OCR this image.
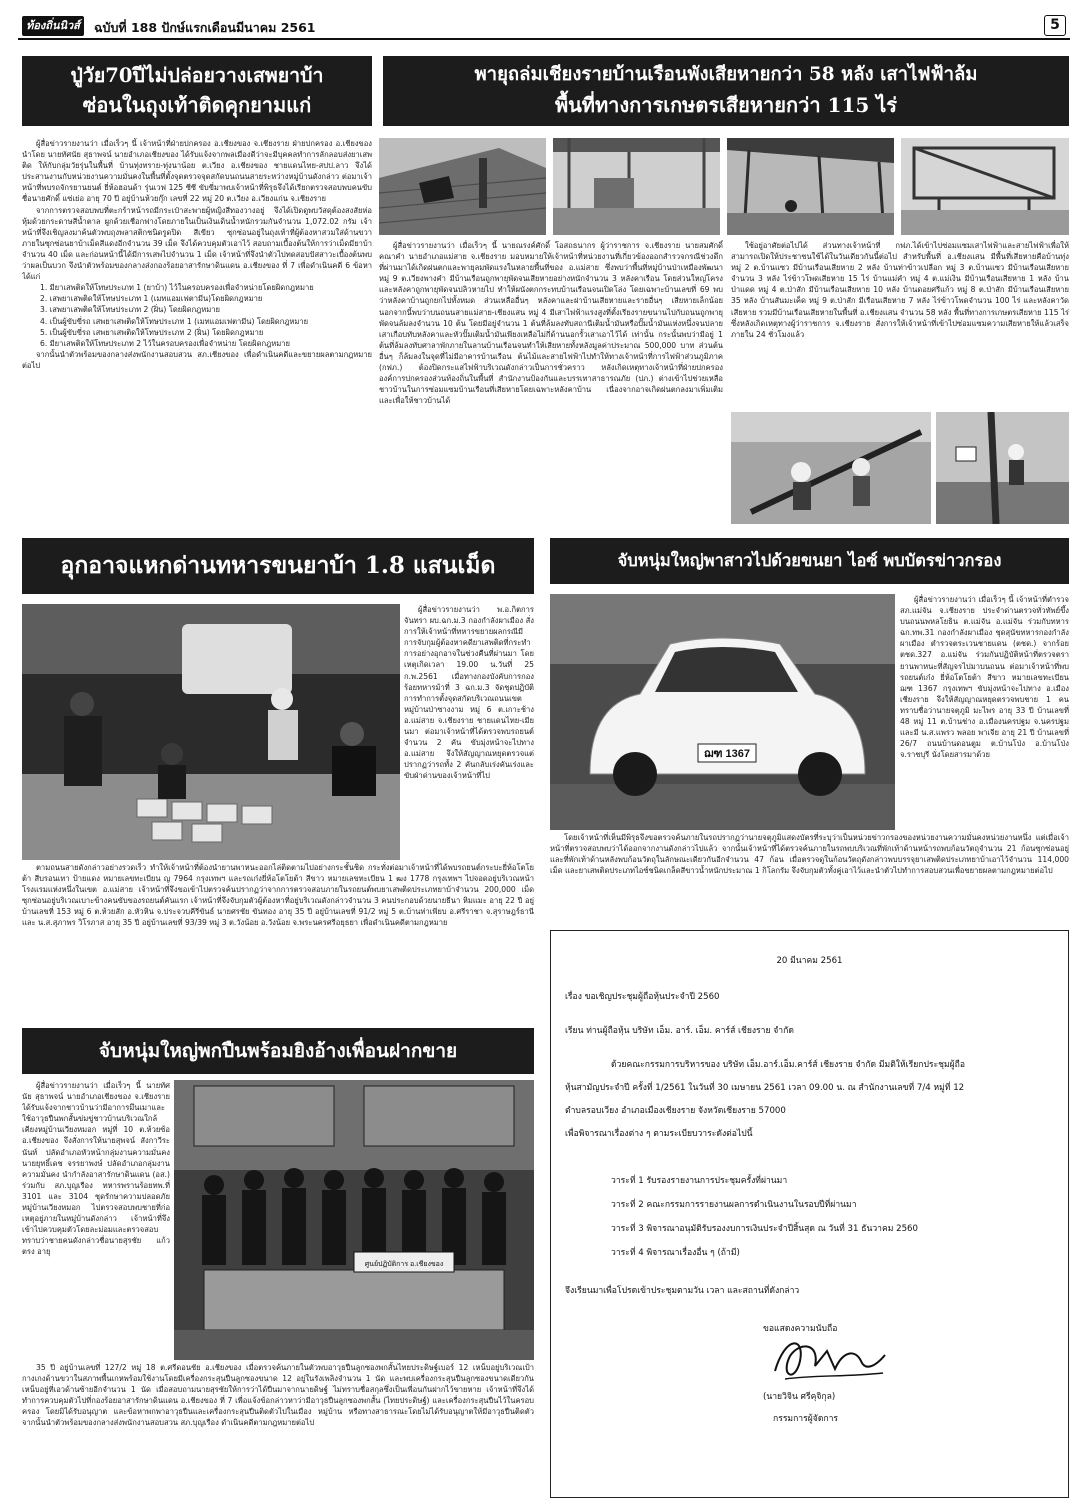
ท้องถิ่นนิวส์	ฉบับที่ 188 ปักษ์แรกเดือนมีนาคม 2561	5
ปู่วัย70ปีไม่ปล่อยวางเสพยาบ้า
ซ่อนในถุงเท้าติดคุกยามแก่

ผู้สื่อข่าวรายงานว่า เมื่อเร็วๆ นี้ เจ้าหน้าที่ฝ่ายปกครอง อ.เชียงของ จ.เชียงราย ฝ่ายปกครอง อ.เชียงของ นำโดย นายทัศนัย สุธาพจน์ นายอำเภอเชียงของ ได้รับแจ้งจากพลเมืองดีว่าจะมีบุคคลทำการลักลอบส่งยาเสพติด ให้กับกลุ่มวัยรุ่นในพื้นที่ บ้านทุ่งทราย-ทุ่งนาน้อย ต.เวียง อ.เชียงของ ชายแดนไทย-สปป.ลาว จึงได้ประสานงานกับหน่วยงานความมั่นคงในพื้นที่ตั้งจุดตรวจจุดสกัดบนถนนสายระหว่างหมู่บ้านดังกล่าว ต่อมาเจ้าหน้าที่พบรถจักรยานยนต์ ยี่ห้อฮอนด้า รุ่นเวฟ 125 ซีซี ขับขี่มาพบเจ้าหน้าที่พิรุธจึงได้เรียกตรวจสอบพบคนขับชื่อนายศักดิ์ แซ่เย่อ อายุ 70 ปี อยู่บ้านห้วยกุ๊ก เลขที่ 22 หมู่ 20 ต.เวียง อ.เวียงแก่น จ.เชียงราย

จากการตรวจสอบพบที่ตะกร้าหน้ารถมีกระเป๋าสะพายผู้หญิงสีทองวางอยู่ จึงได้เปิดดูพบวัสดุต้องสงสัยห่อหุ้มด้วยกระดาษสีน้ำตาล ผูกด้วยเชือกฟางโดยภายในเป็นเงินเดินน้ำหนักรวมกันจำนวน 1,072.02 กรัม เจ้าหน้าที่จึงเชิญลงมาค้นตัวพบถุงพลาสติกชนิดรูดปิด สีเขียว ซุกซ่อนอยู่ในถุงเท้าที่ผู้ต้องหาสวมใส่ด้านขวาภายในซุกซ่อนยาบ้าเม็ดสีแดงอีกจำนวน 39 เม็ด จึงได้ควบคุมตัวเอาไว้ สอบถามเบื้องต้นให้การว่าเม็ดมียาบ้าจำนวน 40 เม็ด และก่อนหน้านี้ได้มีการเสพไปจำนวน 1 เม็ด เจ้าหน้าที่จึงนำตัวไปทดสอบปัสสาวะเบื้องต้นพบว่าผลเป็นบวก จึงนำตัวพร้อมของกลางส่งกองร้อยอาสารักษาดินแดน อ.เชียงของ ที่ 7 เพื่อดำเนินคดี 6 ข้อหาได้แก่

1. มียาเสพติดให้โทษประเภท 1 (ยาบ้า) ไว้ในครอบครองเพื่อจำหน่ายโดยผิดกฎหมาย
2. เสพยาเสพติดให้โทษประเภท 1 (เมทแอมเฟตามีน)โดยผิดกฎหมาย
3. เสพยาเสพติดให้โทษประเภท 2 (ฝิ่น) โดยผิดกฎหมาย
4. เป็นผู้ขับขี่รถ เสพยาเสพติดให้โทษประเภท 1 (เมทแอมเฟตามีน) โดยผิดกฎหมาย
5. เป็นผู้ขับขี่รถ เสพยาเสพติดให้โทษประเภท 2 (ฝิ่น) โดยผิดกฎหมาย
6. มียาเสพติดให้โทษประเภท 2 ไว้ในครอบครองเพื่อจำหน่าย โดยผิดกฎหมาย

จากนั้นนำตัวพร้อมของกลางส่งพนักงานสอบสวน สภ.เชียงของ เพื่อดำเนินคดีและขยายผลตามกฎหมายต่อไป

พายุถล่มเชียงรายบ้านเรือนพังเสียหายกว่า 58 หลัง เสาไฟฟ้าล้ม
พื้นที่ทางการเกษตรเสียหายกว่า 115 ไร่

ผู้สื่อข่าวรายงานว่า เมื่อเร็วๆ นี้ นายณรงค์ศักดิ์ โอสถธนากร ผู้ว่าราชการ จ.เชียงราย นายสมศักดิ์ คณาคำ นายอำเภอแม่สาย จ.เชียงราย มอบหมายให้เจ้าหน้าที่หน่วยงานที่เกี่ยวข้องออกสำรวจกรณีช่วงดึกที่ผ่านมาได้เกิดฝนตกและพายุลมพัดแรงในหลายพื้นที่ของ อ.แม่สาย ซึ่งพบว่าพื้นที่หมู่บ้านป่าเหมืองพัฒนา หมู่ 9 ต.เวียงพางคำ มีบ้านเรือนถูกพายุพัดจนเสียหายอย่างหนักจำนวน 3 หลังคาเรือน โดยส่วนใหญ่โครงและหลังคาถูกพายุพัดจนปลิวหายไป ทำให้ผนังตกกระทบบ้านเรือนจนเปิดโล่ง โดยเฉพาะบ้านเลขที่ 69 พบว่าหลังคาบ้านถูกยกไปทั้งหมด ส่วนเหลืออื่นๆ หลังคาและฝาบ้านเสียหายและรายอื่นๆ เสียหายเล็กน้อย นอกจากนี้พบว่าบนถนนสายแม่สาย-เชียงแสน หมู่ 4 มีเสาไฟฟ้าแรงสูงที่ตั้งเรียงรายขนานไปกับถนนถูกพายุพัดจนล้มลงจำนวน 10 ต้น โดยมีอยู่จำนวน 1 ต้นที่ล้มลงทับสถานีเติมน้ำมันหรือปั๊มน้ำมันแห่งหนึ่งจนปลายเสาเกือบทับหลังคาและหัวปั๊มเติมน้ำมันเพียงเหลือไม่กี่ด้านนอกรั้วเสาเอาไว้ได้ เท่านั้น กระนั้นพบว่ามีอยู่ 1 ต้นที่ล้มลงทับศาลาพักภายในลานบ้านเรือนจนทำให้เสียหายทั้งหลังมูลค่าประมาณ 500,000 บาท ส่วนต้นอื่นๆ ก็ล้มลงในจุดที่ไม่มีอาคารบ้านเรือน ต้นไม้และสายไฟฟ้าไปทำให้ทางเจ้าหน้าที่การไฟฟ้าส่วนภูมิภาค (กฟภ.) ต้องปิดกระแสไฟฟ้าบริเวณดังกล่าวเป็นการชั่วคราว หลังเกิดเหตุทางเจ้าหน้าที่ฝ่ายปกครอง องค์การปกครองส่วนท้องถิ่นในพื้นที่ สำนักงานป้องกันและบรรเทาสาธารณภัย (ปภ.) ต่างเข้าไปช่วยเหลือชาวบ้านในการซ่อมแซมบ้านเรือนที่เสียหายโดยเฉพาะหลังคาบ้าน เนื่องจากอาจเกิดฝนตกลงมาเพิ่มเติมและเพื่อให้ชาวบ้านได้

ใช้อยู่อาศัยต่อไปได้ ส่วนทางเจ้าหน้าที่ กฟภ.ได้เข้าไปซ่อมแซมเสาไฟฟ้าและสายไฟฟ้าเพื่อให้สามารถเปิดให้ประชาชนใช้ได้ในวันเดียวกันนี้ต่อไป สำหรับพื้นที่ อ.เชียงแสน มีพื้นที่เสียหายคือบ้านทุ่ง หมู่ 2 ต.บ้านแซว มีบ้านเรือนเสียหาย 2 หลัง บ้านท่าข้าวเปลือก หมู่ 3 ต.บ้านแซว มีบ้านเรือนเสียหายจำนวน 3 หลัง ไร่ข้าวโพดเสียหาย 15 ไร่ บ้านแม่คำ หมู่ 4 ต.แม่เงิน มีบ้านเรือนเสียหาย 1 หลัง บ้านป่าแดด หมู่ 4 ต.ป่าสัก มีบ้านเรือนเสียหาย 10 หลัง บ้านดอยศรีแก้ว หมู่ 8 ต.ป่าสัก มีบ้านเรือนเสียหาย 35 หลัง บ้านสันมะเค็ด หมู่ 9 ต.ป่าสัก มีเรือนเสียหาย 7 หลัง ไร่ข้าวโพดจำนวน 100 ไร่ และหลังคาวัดเสียหาย รวมมีบ้านเรือนเสียหายในพื้นที่ อ.เชียงแสน จำนวน 58 หลัง พื้นที่ทางการเกษตรเสียหาย 115 ไร่ ซึ่งหลังเกิดเหตุทางผู้ว่าราชการ จ.เชียงราย สั่งการให้เจ้าหน้าที่เข้าไปซ่อมแซมความเสียหายให้แล้วเสร็จภายใน 24 ชั่วโมงแล้ว

อุกอาจแหกด่านทหารขนยาบ้า 1.8 แสนเม็ด

ผู้สื่อข่าวรายงานว่า พ.อ.กิตการ จันทรา ผบ.ฉก.ม.3 กองกำลังผาเมือง สั่งการให้เจ้าหน้าที่ทหารขยายผลกรณีมีการจับกุมผู้ต้องหาคดียาเสพติดที่กระทำการอย่างอุกอาจในช่วงคืนที่ผ่านมา โดยเหตุเกิดเวลา 19.00 น.วันที่ 25 ก.พ.2561 เมื่อทางกองบังคับการกองร้อยทหารม้าที่ 3 ฉก.ม.3 จัดชุดปฏิบัติการทำการตั้งจุดสกัดบริเวณถนนเขตหมู่บ้านป่าซางงาม หมู่ 6 ต.เกาะช้าง อ.แม่สาย จ.เชียงราย ชายแดนไทย-เมียนมา ต่อมาเจ้าหน้าที่ได้ตรวจพบรถยนต์จำนวน 2 คัน ขับมุ่งหน้าจะไปทาง อ.แม่สาย จึงให้สัญญาณหยุดตรวจแต่ปรากฏว่ารถทั้ง 2 คันกลับเร่งคันเร่งและขับฝ่าด่านของเจ้าหน้าที่ไป

ตามถนนสายดังกล่าวอย่างรวดเร็ว ทำให้เจ้าหน้าที่ต้องนำยานพาหนะออกไล่ติดตามไปอย่างกระชั้นชิด กระทั่งต่อมาเจ้าหน้าที่ได้พบรถยนต์กระบะยี่ห้อโตโยต้า สีบรอนเทา ป้ายแดง หมายเลขทะเบียน ญ 7964 กรุงเทพฯ และรถเก๋งยี่ห้อโตโยต้า สีขาว หมายเลขทะเบียน 1 ฒง 1778 กรุงเทพฯ ไปจอดอยู่บริเวณหน้าโรงแรมแห่งหนึ่งในเขต อ.แม่สาย เจ้าหน้าที่จึงขอเข้าไปตรวจค้นปรากฏว่าจากการตรวจสอบภายในรถยนต์พบยาเสพติดประเภทยาบ้าจำนวน 200,000 เม็ด ซุกซ่อนอยู่บริเวณเบาะข้างคนขับของรถยนต์คันแรก เจ้าหน้าที่จึงจับกุมตัวผู้ต้องหาที่อยู่บริเวณดังกล่าวจำนวน 3 คนประกอบด้วยนายธีนา หิมแมะ อายุ 22 ปี อยู่บ้านเลขที่ 153 หมู่ 6 ต.ห้วยสัก อ.หัวหิน จ.ประจวบคีรีขันธ์ นายศรชัย ขันทอง อายุ 35 ปี อยู่บ้านเลขที่ 91/2 หมู่ 5 ต.บ้านท่าเพียบ อ.ศรีราชา จ.สุราษฎร์ธานี และ น.ส.สุภาพร วิโรภาส อายุ 35 ปี อยู่บ้านเลขที่ 93/39 หมู่ 3 ต.วังน้อย อ.วังน้อย จ.พระนครศรีอยุธยา เพื่อดำเนินคดีตามกฎหมาย

จับหนุ่มใหญ่พาสาวไปด้วยขนยา ไอซ์ พบบัตรข่าวกรอง
ฌฑ 1367

ผู้สื่อข่าวรายงานว่า เมื่อเร็วๆ นี้ เจ้าหน้าที่ตำรวจ สภ.แม่จัน จ.เชียงราย ประจำด่านตรวจทั่วทัพย์ขึ้ง บนถนนพหลโยธิน ต.แม่จัน อ.แม่จัน ร่วมกับทหาร ฉก.ทพ.31 กองกำลังผาเมือง ชุดสุนัขทหารกองกำลังผาเมือง ตำรวจตระเวนชายแดน (ตชด.) จากร้อย ตชด.327 อ.แม่จัน ร่วมกันปฏิบัติหน้าที่ตรวจตรายานพาหนะที่สัญจรไปมาบนถนน ต่อมาเจ้าหน้าที่พบรถยนต์เก๋ง ยี่ห้อโตโยต้า สีขาว หมายเลขทะเบียน ฌฑ 1367 กรุงเทพฯ ขับมุ่งหน้าจะไปทาง อ.เมืองเชียงราย จึงให้สัญญาณหยุดตรวจพบชาย 1 คน ทราบชื่อว่านายจตุภูมิ มะไพร อายุ 33 ปี บ้านเลขที่ 48 หมู่ 11 ต.บ้านช่าง อ.เมืองนครปฐม จ.นครปฐม และมี น.ส.แพรว พลอย พาเจีย อายุ 21 ปี บ้านเลขที่ 26/7 ถนนบ้านดอนตูม ต.บ้านโป่ง อ.บ้านโป่ง จ.ราชบุรี นั่งโดยสารมาด้วย

โดยเจ้าหน้าที่เห็นมีพิรุธจึงขอตรวจค้นภายในรถปรากฏว่านายจตุภูมิแสดงบัตรที่ระบุว่าเป็นหน่วยข่าวกรองของหน่วยงานความมั่นคงหน่วยงานหนึ่ง แต่เมื่อเจ้าหน้าที่ตรวจสอบพบว่าได้ออกจากงานดังกล่าวไปแล้ว จากนั้นเจ้าหน้าที่ได้ตรวจค้นภายในรถพบบริเวณที่พักเท้าด้านหน้ารถพบก้อนวัตถุจำนวน 21 ก้อนซุกซ่อนอยู่ และที่พักเท้าด้านหลังพบก้อนวัตถุในลักษณะเดียวกันอีกจำนวน 47 ก้อน เมื่อตรวจดูในก้อนวัตถุดังกล่าวพบบรรจุยาเสพติดประเภทยาบ้าเอาไว้จำนวน 114,000 เม็ด และยาเสพติดประเภทไอซ์ชนิดเกล็ดสีขาวน้ำหนักประมาณ 1 กิโลกรัม จึงจับกุมตัวทั้งคู่เอาไว้และนำตัวไปทำการสอบสวนเพื่อขยายผลตามกฎหมายต่อไป

20 มีนาคม 2561
เรื่อง ขอเชิญประชุมผู้ถือหุ้นประจำปี 2560
เรียน ท่านผู้ถือหุ้น บริษัท เอ็ม. อาร์. เอ็ม. คาร์ส์ เชียงราย จำกัด
ด้วยคณะกรรมการบริหารของ บริษัท เอ็ม.อาร์.เอ็ม.คาร์ส์ เชียงราย จำกัด มีมติให้เรียกประชุมผู้ถือ
หุ้นสามัญประจำปี ครั้งที่ 1/2561 ในวันที่ 30 เมษายน 2561 เวลา 09.00 น. ณ สำนักงานเลขที่ 7/4 หมู่ที่ 12
ตำบลรอบเวียง อำเภอเมืองเชียงราย จังหวัดเชียงราย 57000
เพื่อพิจารณาเรื่องต่าง ๆ ตามระเบียบวาระดังต่อไปนี้
วาระที่ 1 รับรองรายงานการประชุมครั้งที่ผ่านมา
วาระที่ 2 คณะกรรมการรายงานผลการดำเนินงานในรอบปีที่ผ่านมา
วาระที่ 3 พิจารณาอนุมัติรับรองงบการเงินประจำปีสิ้นสุด ณ วันที่ 31 ธันวาคม 2560
วาระที่ 4 พิจารณาเรื่องอื่น ๆ (ถ้ามี)
จึงเรียนมาเพื่อโปรดเข้าประชุมตามวัน เวลา และสถานที่ดังกล่าว
ขอแสดงความนับถือ
(นายวิจิน ศรีคุจิกุล)
กรรมการผู้จัดการ
จับหนุ่มใหญ่พกปืนพร้อมยิงอ้างเพื่อนฝากขาย

ผู้สื่อข่าวรายงานว่า เมื่อเร็วๆ นี้ นายทัศนัย สุธาพจน์ นายอำเภอเชียงของ จ.เชียงราย ได้รับแจ้งจากชาวบ้านว่ามีอาการมึนเมาและใช้อาวุธปืนพกสั้นข่มขู่ชาวบ้านบริเวณใกล้เคียงหมู่บ้านเวียงหมอก หมู่ที่ 10 ต.ห้วยซ้อ อ.เชียงของ จึงสั่งการให้นายสุพจน์ สังกาวีระนันท์ ปลัดอำเภอหัวหน้ากลุ่มงานความมั่นคง นายยุทธิ์เดช จรรยาพงษ์ ปลัดอำเภอกลุ่มงานความมั่นคง นำกำลังอาสารักษาดินแดน (อส.) ร่วมกับ สภ.บุญเรือง ทหารพรานร้อยทพ.ที่ 3101 และ 3104 ชุดรักษาความปลอดภัยหมู่บ้านเวียงหมอก ไปตรวจสอบพบชายที่ก่อเหตุอยู่ภายในหมู่บ้านดังกล่าว เจ้าหน้าที่จึงเข้าไปควบคุมตัวโดยละม่อมและตรวจสอบทราบว่าชายคนดังกล่าวชื่อนายสุรชัย แก้วตรง อายุ

ศูนย์ปฏิบัติการ อ.เชียงของ

35 ปี อยู่บ้านเลขที่ 127/2 หมู่ 18 ต.ศรีดอนชัย อ.เชียงของ เมื่อตรวจค้นภายในตัวพบอาวุธปืนลูกซองพกสั้นไทยประดิษฐ์เบอร์ 12 เหน็บอยู่บริเวณเป้ากางเกงด้านขวาในสภาพพื้นเกหพร้อมใช้งานโดยมีเครื่องกระสุนปืนลูกซองขนาด 12 อยู่ในรังเพลิงจำนวน 1 นัด และพบเครื่องกระสุนปืนลูกซองขนาดเดียวกันเหน็บอยู่ที่เอวด้านซ้ายอีกจำนวน 1 นัด เมื่อสอบถามนายสุรชัยให้การว่าได้ปืนมาจากนายดิษฐ์ ไม่ทราบชื่อสกุลซึ่งเป็นเพื่อนกันฝากไว้ขายหาย เจ้าหน้าที่จึงได้ทำการควบคุมตัวไปที่กองร้อยอาสารักษาดินแดน อ.เชียงของ ที่ 7 เพื่อแจ้งข้อกล่าวหาว่ามีอาวุธปืนลูกซองพกสั้น (ไทยประดิษฐ์) และเครื่องกระสุนปืนไว้ในครอบครอง โดยมิได้รับอนุญาต และข้อหาพกพาอาวุธปืนและเครื่องกระสุนปืนติดตัวไปในเมือง หมู่บ้าน หรือทางสาธารณะโดยไม่ได้รับอนุญาตให้มีอาวุธปืนติดตัว จากนั้นนำตัวพร้อมของกลางส่งพนักงานสอบสวน สภ.บุญเรือง ดำเนินคดีตามกฎหมายต่อไป
